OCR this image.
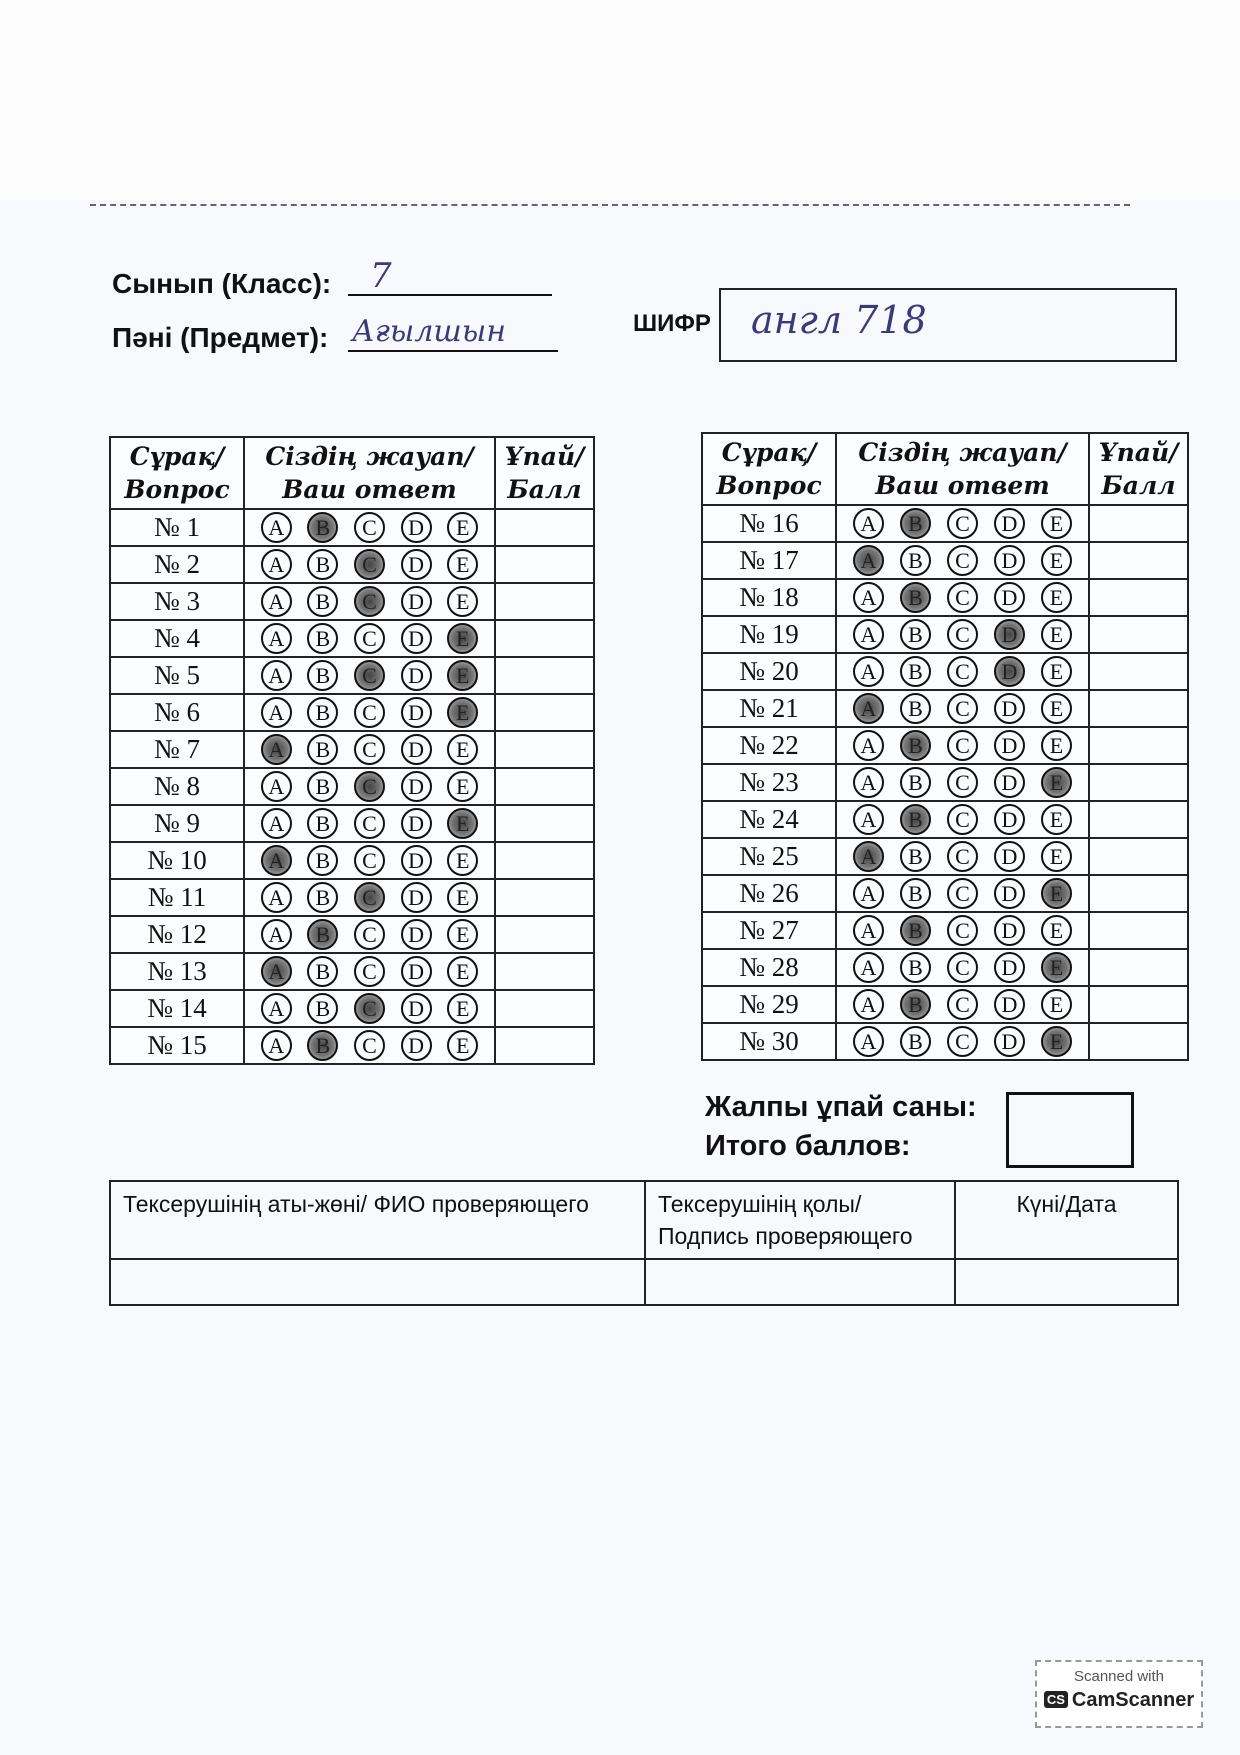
Сынып (Класс): 7
Пәні (Предмет): Ағылшын	ШИФР англ 718
Сұрақ/ Вопрос	Сіздің жауап/ Ваш ответ	Ұпай/ Балл
№ 1	A B C D E	

№ 2	A B C D E	

№ 3	A B C D E	

№ 4	A B C D E	

№ 5	A B C D E	

№ 6	A B C D E	

№ 7	A B C D E	

№ 8	A B C D E	

№ 9	A B C D E	

№ 10	A B C D E	

№ 11	A B C D E	

№ 12	A B C D E	

№ 13	A B C D E	

№ 14	A B C D E	

№ 15	A B C D E	

Сұрақ/ Вопрос	Сіздің жауап/ Ваш ответ	Ұпай/ Балл
№ 16	A B C D E	

№ 17	A B C D E	

№ 18	A B C D E	

№ 19	A B C D E	

№ 20	A B C D E	

№ 21	A B C D E	

№ 22	A B C D E	

№ 23	A B C D E	

№ 24	A B C D E	

№ 25	A B C D E	

№ 26	A B C D E	

№ 27	A B C D E	

№ 28	A B C D E	

№ 29	A B C D E	

№ 30	A B C D E	

Жалпы ұпай саны:
Итого баллов:
Тексерушінің аты-жөні/ ФИО проверяющего	Тексерушінің қолы/ Подпись проверяющего	Күні/Дата

Scanned with
CS CamScanner
